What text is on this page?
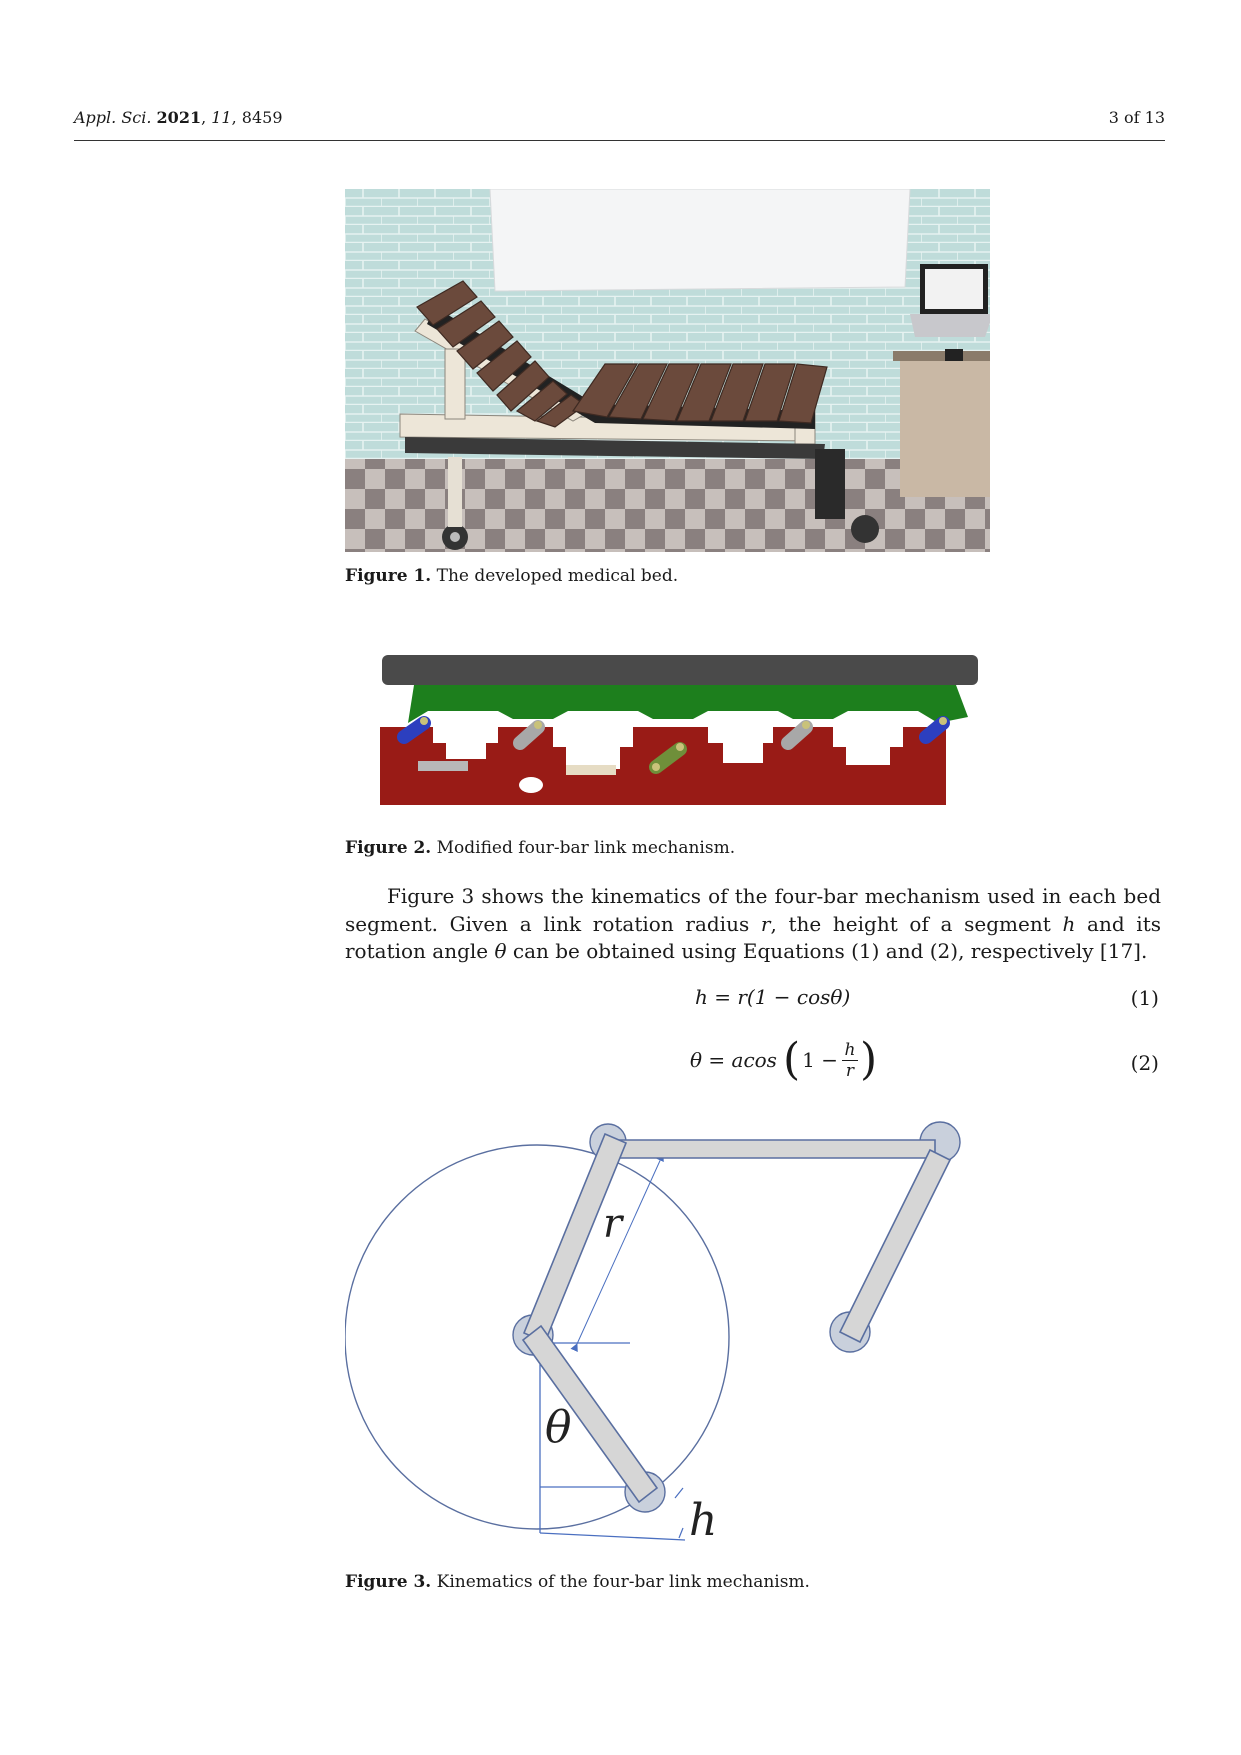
Appl. Sci. 2021, 11, 8459	3 of 13
Figure 1. The developed medical bed.
Figure 2. Modified four-bar link mechanism.

Figure 3 shows the kinematics of the four-bar mechanism used in each bed segment. Given a link rotation radius r, the height of a segment h and its rotation angle θ can be obtained using Equations (1) and (2), respectively [17].

h = r(1 − cosθ)	(1)
θ = acos ( 1 − h
r )	(2)
r
θ
h
Figure 3. Kinematics of the four-bar link mechanism.
